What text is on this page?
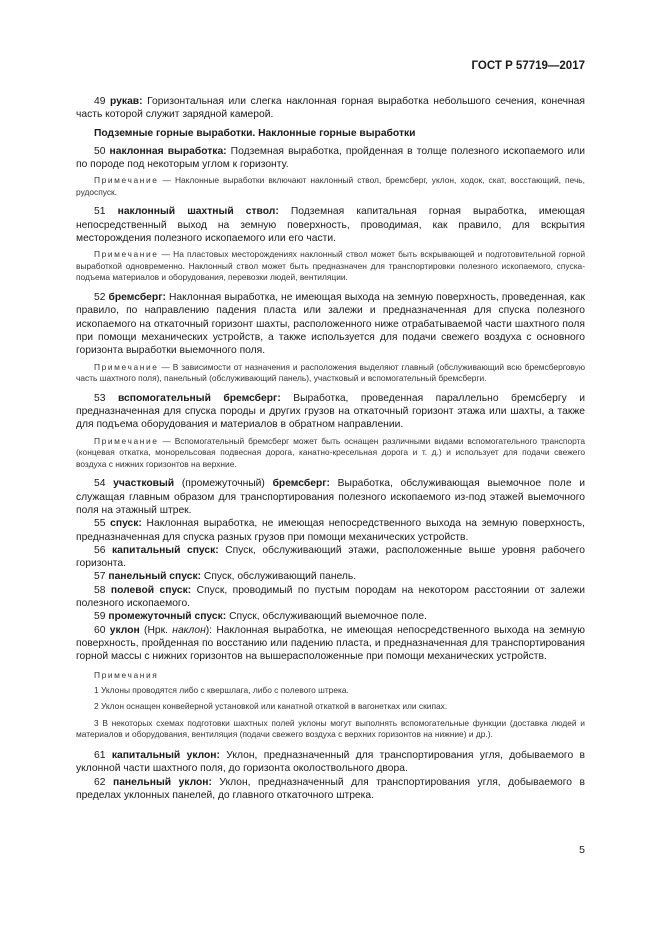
ГОСТ Р 57719—2017

49 рукав: Горизонтальная или слегка наклонная горная выработка небольшого сечения, конечная часть которой служит зарядной камерой.

Подземные горные выработки. Наклонные горные выработки

50 наклонная выработка: Подземная выработка, пройденная в толще полезного ископаемого или по породе под некоторым углом к горизонту.

Примечание — Наклонные выработки включают наклонный ствол, бремсберг, уклон, ходок, скат, восстающий, печь, рудоспуск.

51 наклонный шахтный ствол: Подземная капитальная горная выработка, имеющая непосредственный выход на земную поверхность, проводимая, как правило, для вскрытия месторождения полезного ископаемого или его части.

Примечание — На пластовых месторождениях наклонный ствол может быть вскрывающей и подготовительной горной выработкой одновременно. Наклонный ствол может быть предназначен для транспортировки полезного ископаемого, спуска-подъема материалов и оборудования, перевозки людей, вентиляции.

52 бремсберг: Наклонная выработка, не имеющая выхода на земную поверхность, проведенная, как правило, по направлению падения пласта или залежи и предназначенная для спуска полезного ископаемого на откаточный горизонт шахты, расположенного ниже отрабатываемой части шахтного поля при помощи механических устройств, а также используется для подачи свежего воздуха с основного горизонта выработки выемочного поля.

Примечание — В зависимости от назначения и расположения выделяют главный (обслуживающий всю бремсберговую часть шахтного поля), панельный (обслуживающий панель), участковый и вспомогательный бремсберги.

53 вспомогательный бремсберг: Выработка, проведенная параллельно бремсбергу и предназначенная для спуска породы и других грузов на откаточный горизонт этажа или шахты, а также для подъема оборудования и материалов в обратном направлении.

Примечание — Вспомогательный бремсберг может быть оснащен различными видами вспомогательного транспорта (концевая откатка, монорельсовая подвесная дорога, канатно-кресельная дорога и т. д.) и использует для подачи свежего воздуха с нижних горизонтов на верхние.

54 участковый (промежуточный) бремсберг: Выработка, обслуживающая выемочное поле и служащая главным образом для транспортирования полезного ископаемого из-под этажей выемочного поля на этажный штрек.

55 спуск: Наклонная выработка, не имеющая непосредственного выхода на земную поверхность, предназначенная для спуска разных грузов при помощи механических устройств.

56 капитальный спуск: Спуск, обслуживающий этажи, расположенные выше уровня рабочего горизонта.

57 панельный спуск: Спуск, обслуживающий панель.

58 полевой спуск: Спуск, проводимый по пустым породам на некотором расстоянии от залежи полезного ископаемого.

59 промежуточный спуск: Спуск, обслуживающий выемочное поле.

60 уклон (Нрк. наклон): Наклонная выработка, не имеющая непосредственного выхода на земную поверхность, пройденная по восстанию или падению пласта, и предназначенная для транспортирования горной массы с нижних горизонтов на вышерасположенные при помощи механических устройств.

Примечания

1 Уклоны проводятся либо с квершлага, либо с полевого штрека.

2 Уклон оснащен конвейерной установкой или канатной откаткой в вагонетках или скипах.

3 В некоторых схемах подготовки шахтных полей уклоны могут выполнять вспомогательные функции (доставка людей и материалов и оборудования, вентиляция (подачи свежего воздуха с верхних горизонтов на нижние) и др.).

61 капитальный уклон: Уклон, предназначенный для транспортирования угля, добываемого в уклонной части шахтного поля, до горизонта околоствольного двора.

62 панельный уклон: Уклон, предназначенный для транспортирования угля, добываемого в пределах уклонных панелей, до главного откаточного штрека.

5
